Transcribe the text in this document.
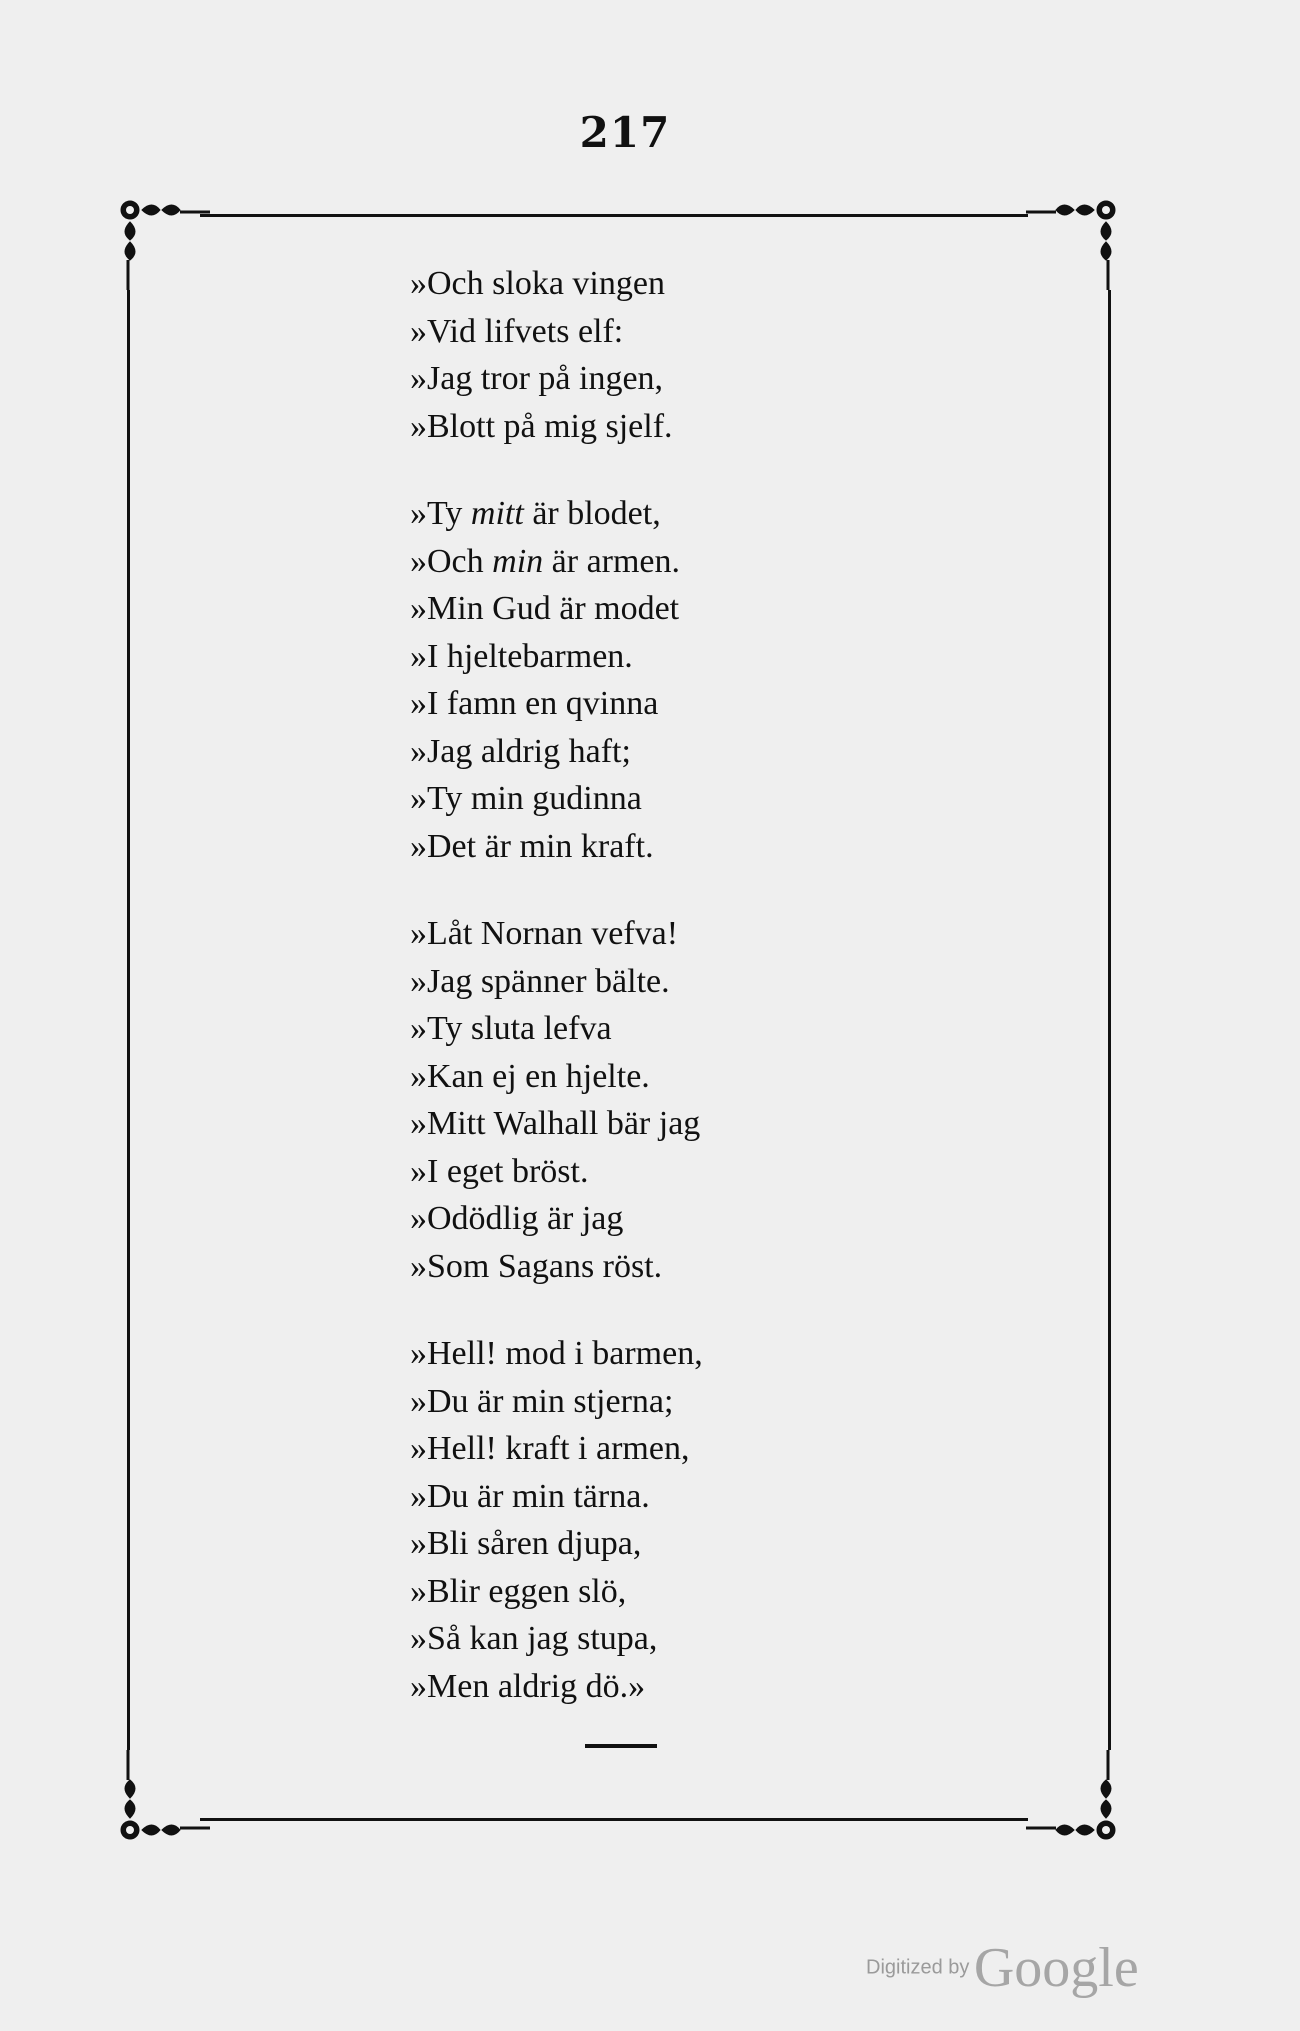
217
»Och sloka vingen
»Vid lifvets elf:
»Jag tror på ingen,
»Blott på mig sjelf.
»Ty mitt är blodet,
»Och min är armen.
»Min Gud är modet
»I hjeltebarmen.
»I famn en qvinna
»Jag aldrig haft;
»Ty min gudinna
»Det är min kraft.
»Låt Nornan vefva!
»Jag spänner bälte.
»Ty sluta lefva
»Kan ej en hjelte.
»Mitt Walhall bär jag
»I eget bröst.
»Odödlig är jag
»Som Sagans röst.
»Hell! mod i barmen,
»Du är min stjerna;
»Hell! kraft i armen,
»Du är min tärna.
»Bli såren djupa,
»Blir eggen slö,
»Så kan jag stupa,
»Men aldrig dö.»
Digitized by Google
